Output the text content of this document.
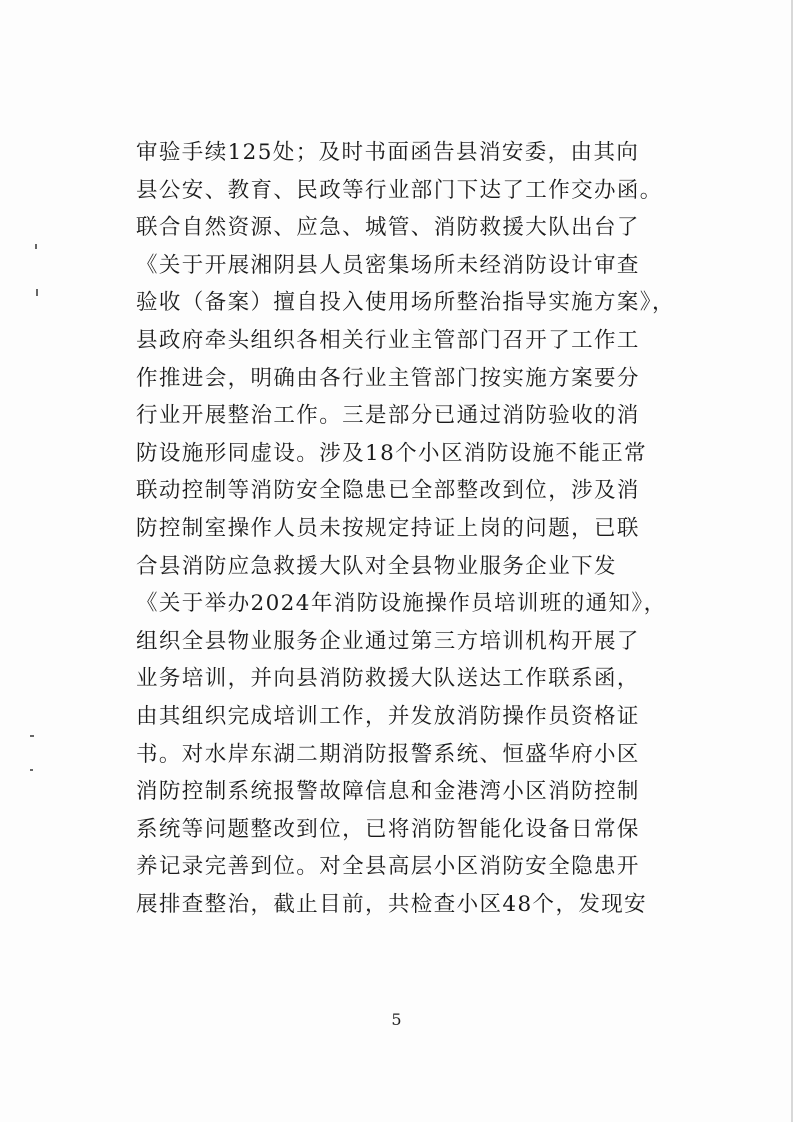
审验手续125处；及时书面函告县消安委，由其向
县公安、教育、民政等行业部门下达了工作交办函。
联合自然资源、应急、城管、消防救援大队出台了
《关于开展湘阴县人员密集场所未经消防设计审查
验收（备案）擅自投入使用场所整治指导实施方案》，
县政府牵头组织各相关行业主管部门召开了工作工
作推进会，明确由各行业主管部门按实施方案要分
行业开展整治工作。三是部分已通过消防验收的消
防设施形同虚设。涉及18个小区消防设施不能正常
联动控制等消防安全隐患已全部整改到位，涉及消
防控制室操作人员未按规定持证上岗的问题，已联
合县消防应急救援大队对全县物业服务企业下发
《关于举办2024年消防设施操作员培训班的通知》，
组织全县物业服务企业通过第三方培训机构开展了
业务培训，并向县消防救援大队送达工作联系函，
由其组织完成培训工作，并发放消防操作员资格证
书。对水岸东湖二期消防报警系统、恒盛华府小区
消防控制系统报警故障信息和金港湾小区消防控制
系统等问题整改到位，已将消防智能化设备日常保
养记录完善到位。对全县高层小区消防安全隐患开
展排查整治，截止目前，共检查小区48个，发现安
5
